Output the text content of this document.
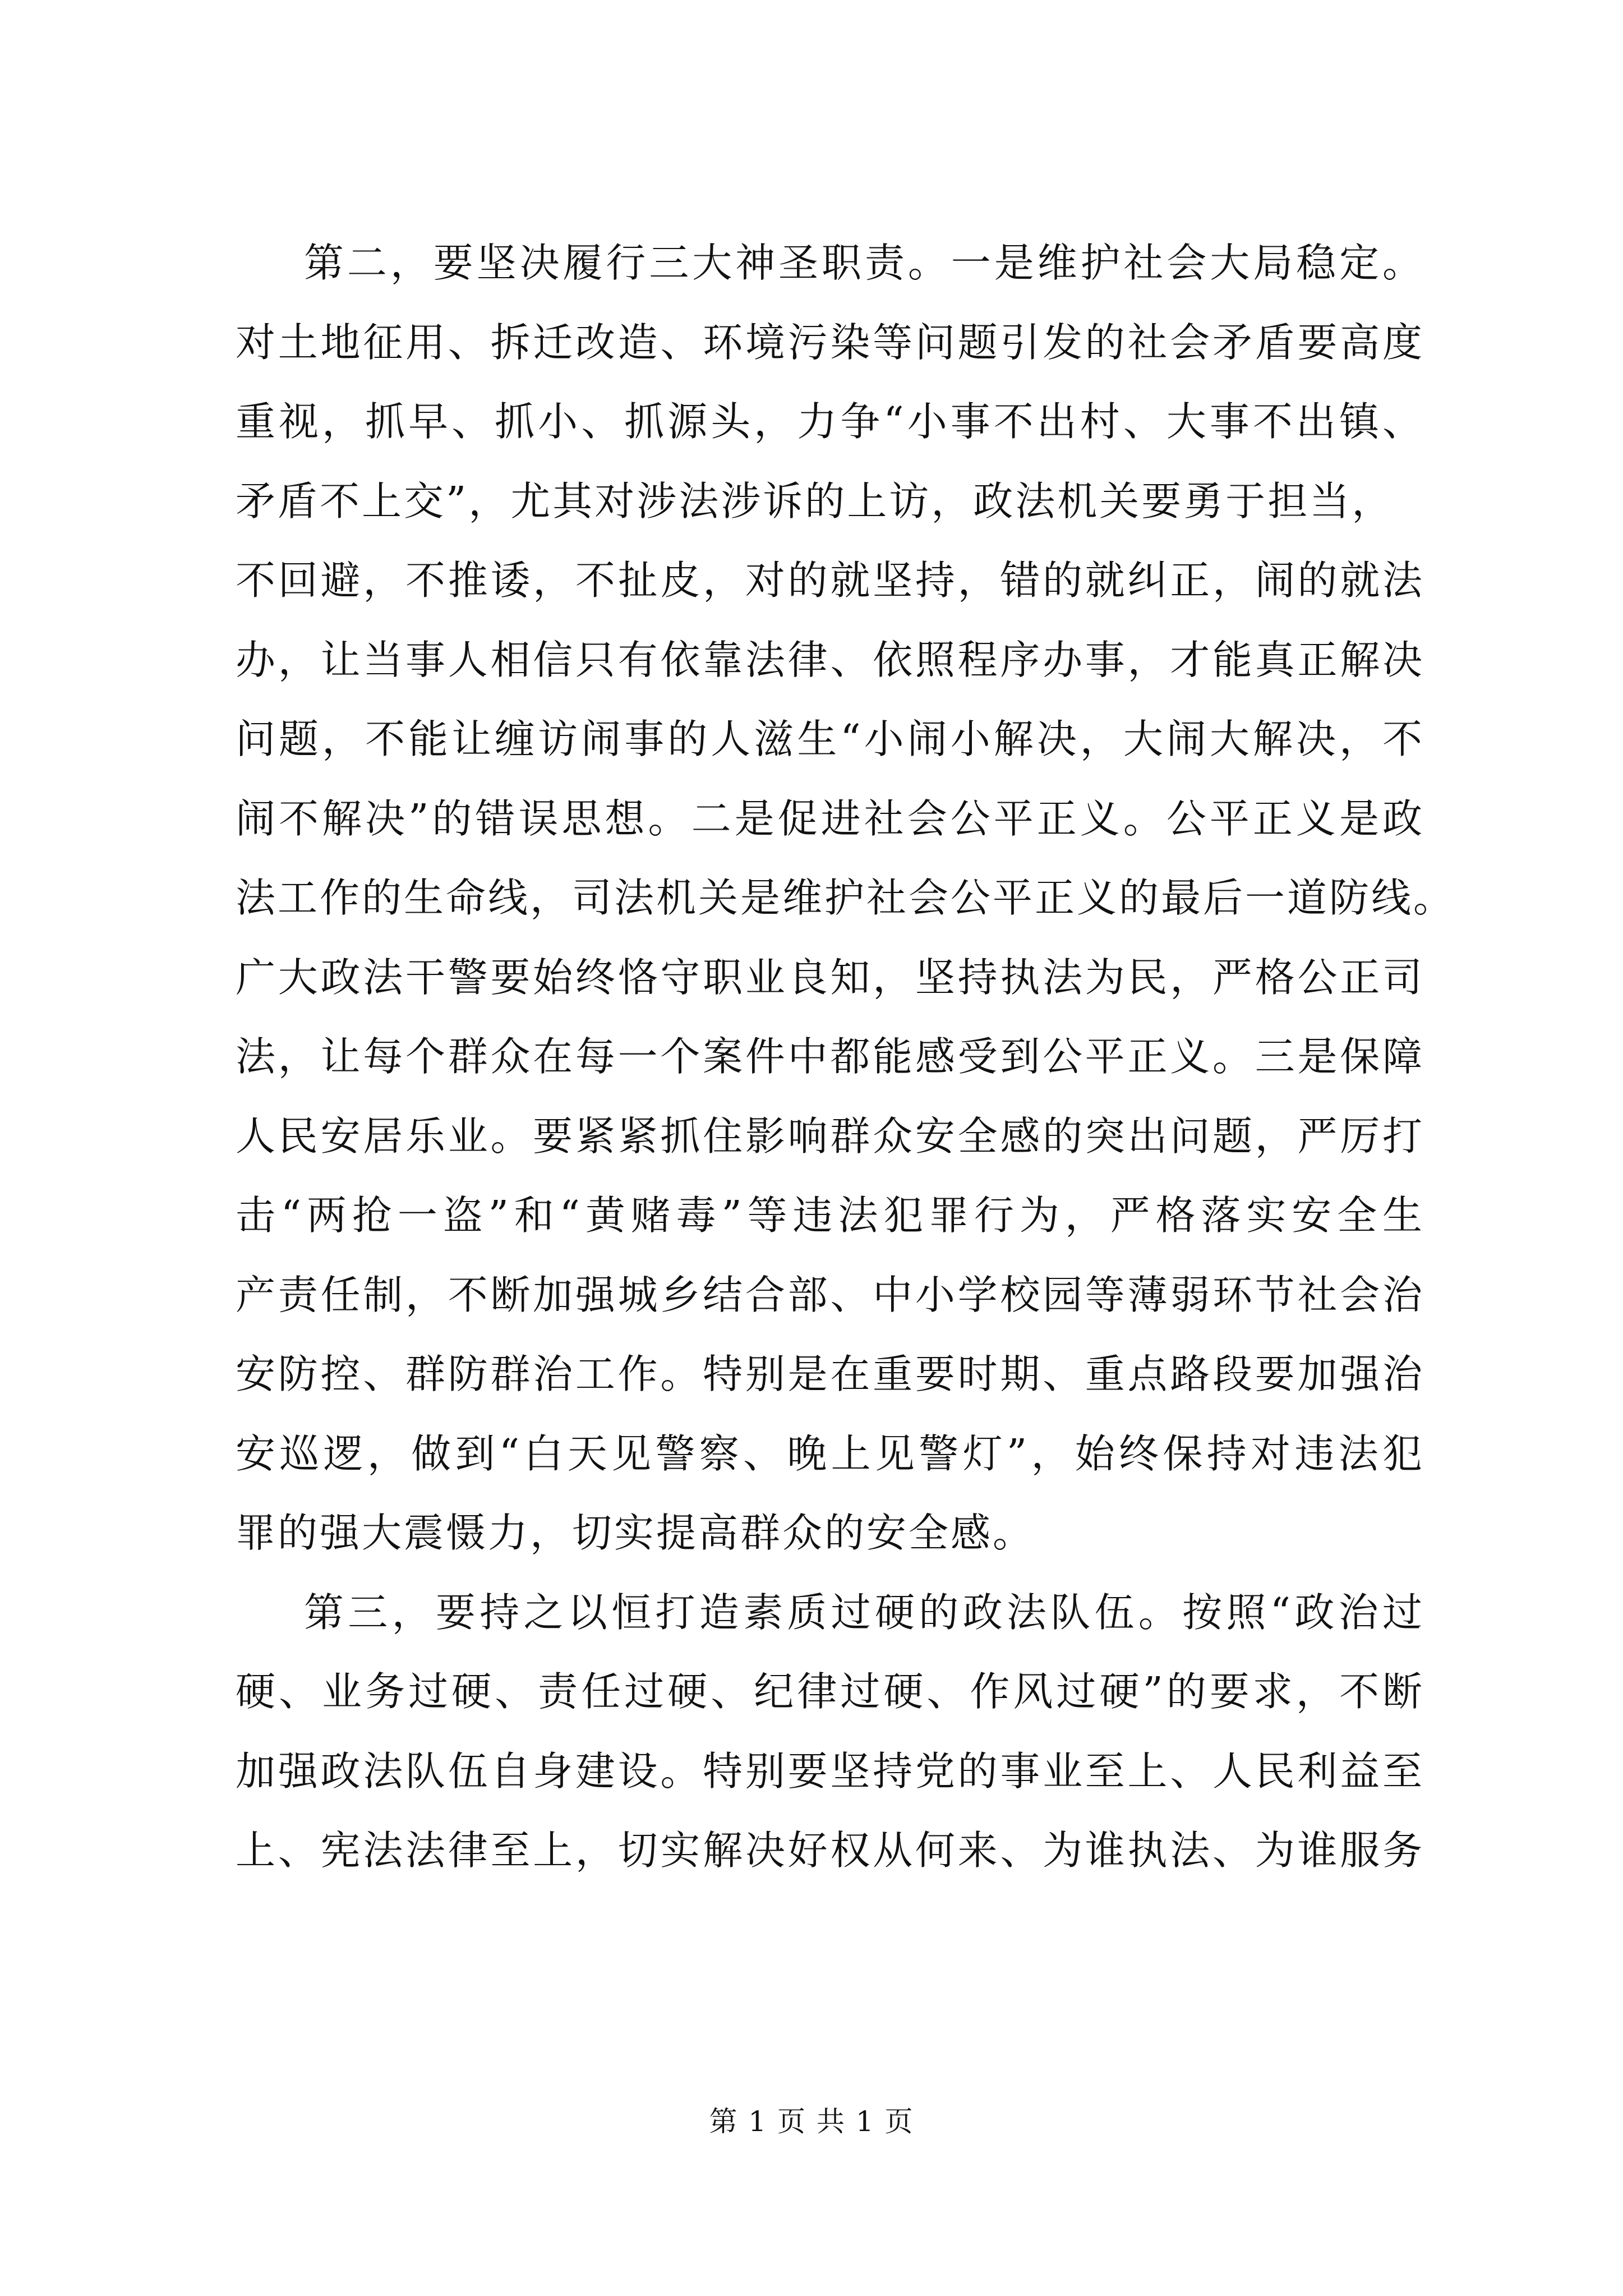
第二，要坚决履行三大神圣职责。一是维护社会大局稳定。
对土地征用、拆迁改造、环境污染等问题引发的社会矛盾要高度
重视，抓早、抓小、抓源头，力争“小事不出村、大事不出镇、
矛盾不上交”，尤其对涉法涉诉的上访，政法机关要勇于担当，
不回避，不推诿，不扯皮，对的就坚持，错的就纠正，闹的就法
办，让当事人相信只有依靠法律、依照程序办事，才能真正解决
问题，不能让缠访闹事的人滋生“小闹小解决，大闹大解决，不
闹不解决”的错误思想。二是促进社会公平正义。公平正义是政
法工作的生命线，司法机关是维护社会公平正义的最后一道防线。
广大政法干警要始终恪守职业良知，坚持执法为民，严格公正司
法，让每个群众在每一个案件中都能感受到公平正义。三是保障
人民安居乐业。要紧紧抓住影响群众安全感的突出问题，严厉打
击“两抢一盗”和“黄赌毒”等违法犯罪行为，严格落实安全生
产责任制，不断加强城乡结合部、中小学校园等薄弱环节社会治
安防控、群防群治工作。特别是在重要时期、重点路段要加强治
安巡逻，做到“白天见警察、晚上见警灯”，始终保持对违法犯
罪的强大震慑力，切实提高群众的安全感。
第三，要持之以恒打造素质过硬的政法队伍。按照“政治过
硬、业务过硬、责任过硬、纪律过硬、作风过硬”的要求，不断
加强政法队伍自身建设。特别要坚持党的事业至上、人民利益至
上、宪法法律至上，切实解决好权从何来、为谁执法、为谁服务
第 1 页 共 1 页
